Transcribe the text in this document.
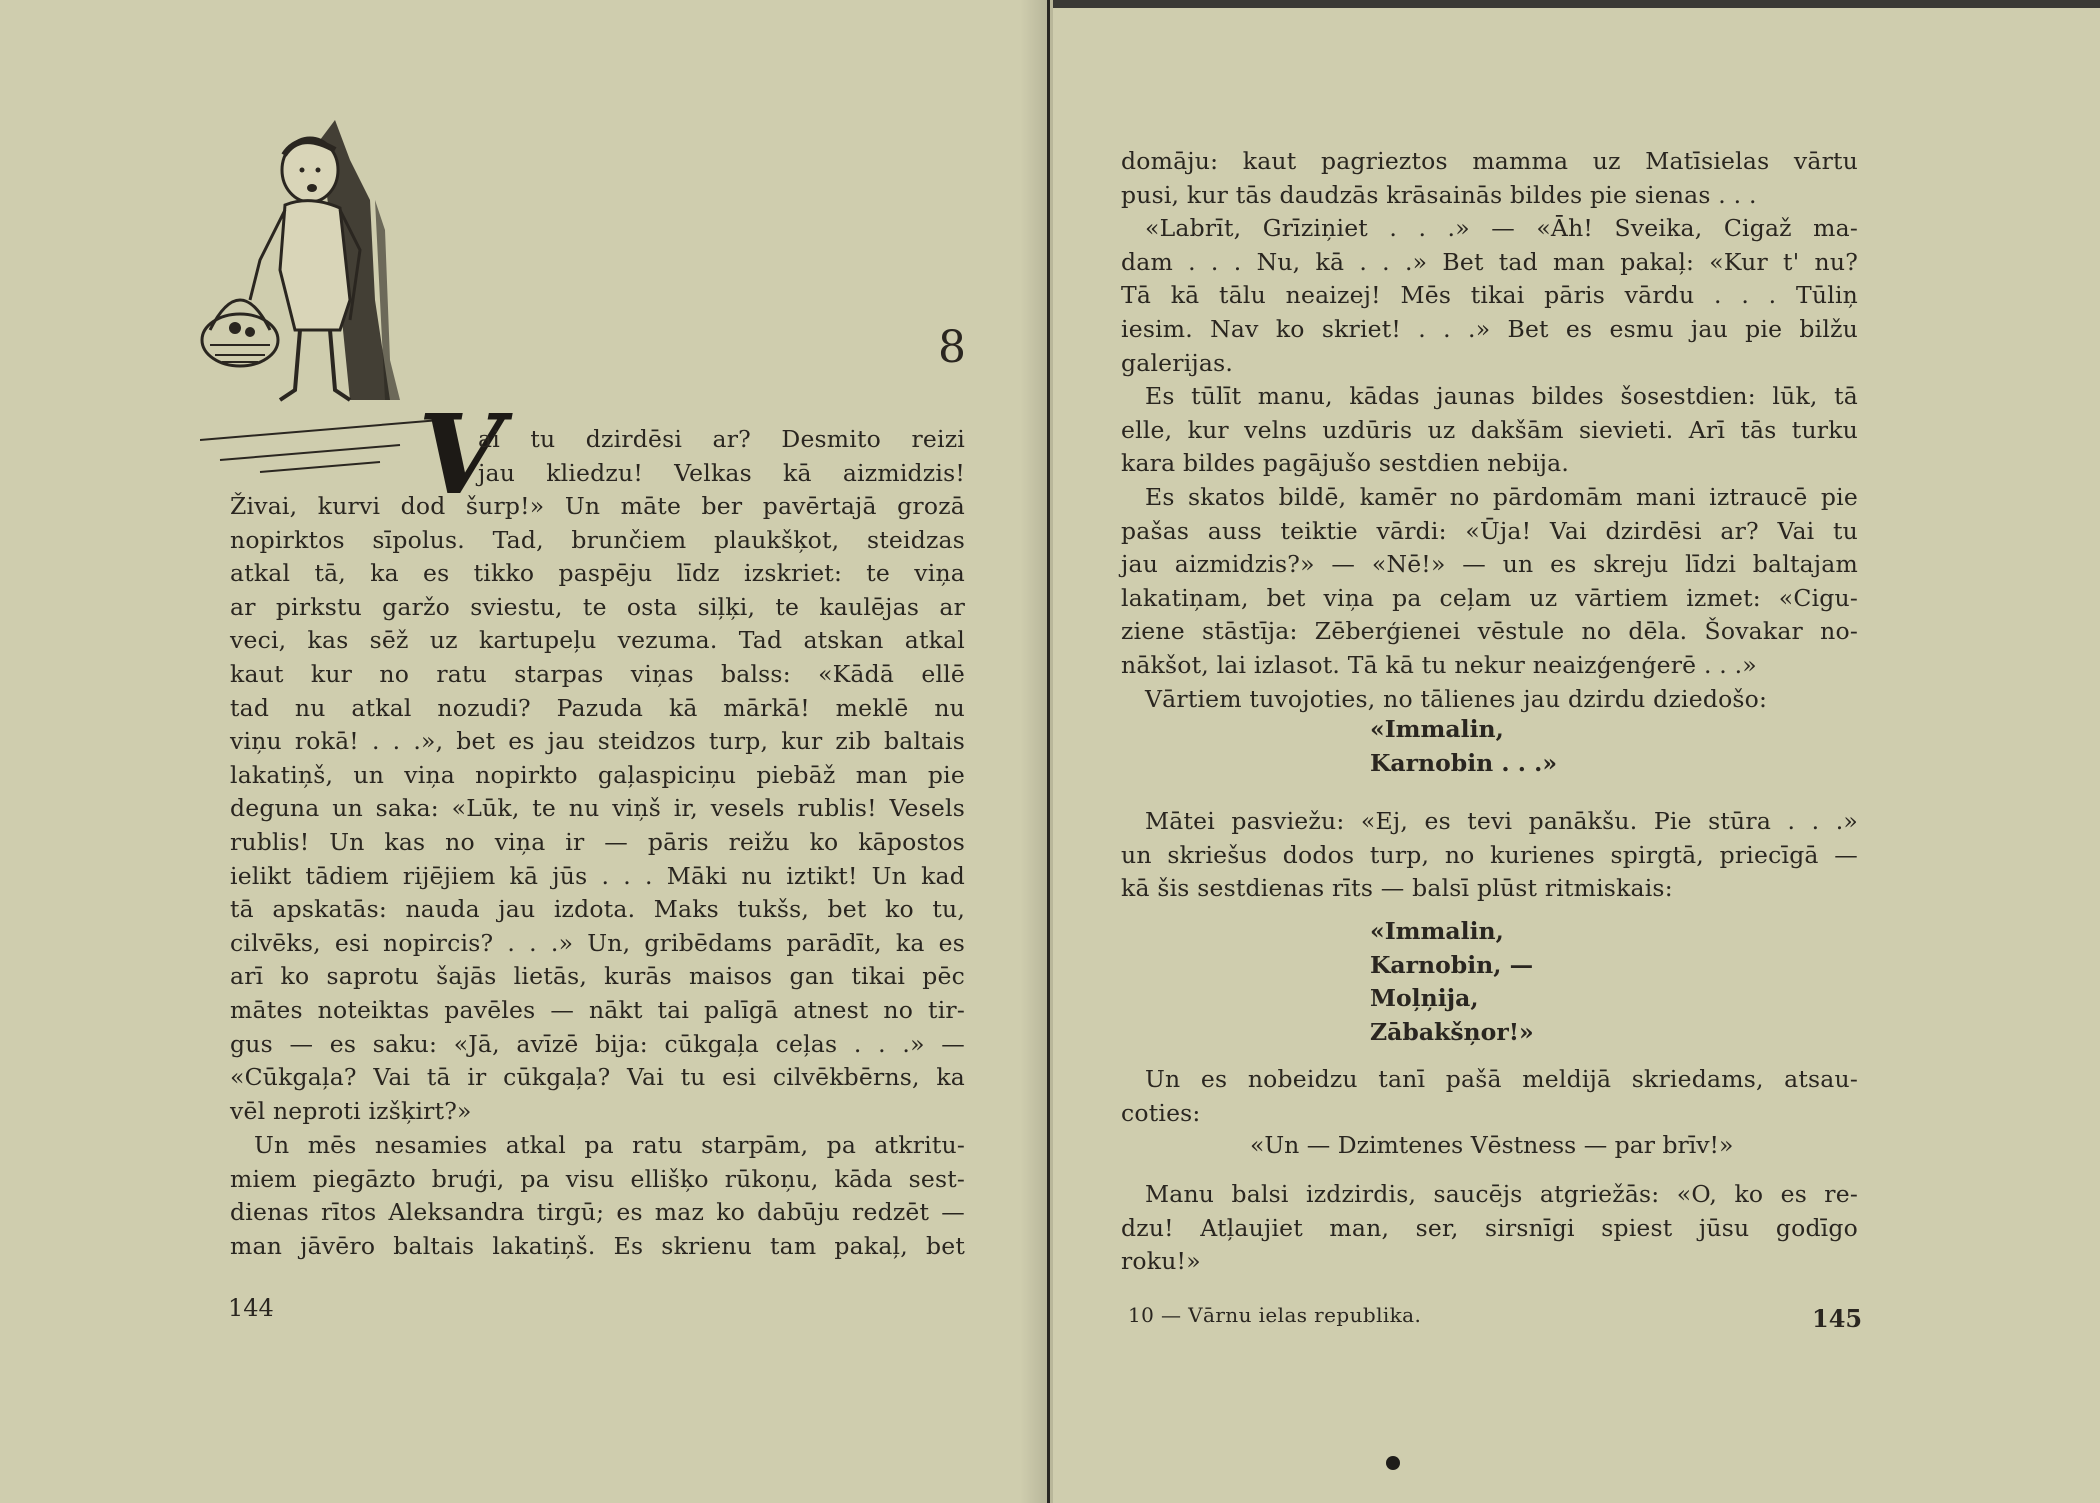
8
V
ai tu dzirdēsi ar? Desmito reizi
jau kliedzu! Velkas kā aizmidzis!
Živai, kurvi dod šurp!» Un māte ber pavērtajā grozā
nopirktos sīpolus. Tad, brunčiem plaukšķot, steidzas
atkal tā, ka es tikko paspēju līdz izskriet: te viņa
ar pirkstu garžo sviestu, te osta siļķi, te kaulējas ar
veci, kas sēž uz kartupeļu vezuma. Tad atskan atkal
kaut kur no ratu starpas viņas balss: «Kādā ellē
tad nu atkal nozudi? Pazuda kā mārkā! meklē nu
viņu rokā! . . .», bet es jau steidzos turp, kur zib baltais
lakatiņš, un viņa nopirkto gaļaspiciņu piebāž man pie
deguna un saka: «Lūk, te nu viņš ir, vesels rublis! Vesels
rublis! Un kas no viņa ir — pāris reižu ko kāpostos
ielikt tādiem rijējiem kā jūs . . . Māki nu iztikt! Un kad
tā apskatās: nauda jau izdota. Maks tukšs, bet ko tu,
cilvēks, esi nopircis? . . .» Un, gribēdams parādīt, ka es
arī ko saprotu šajās lietās, kurās maisos gan tikai pēc
mātes noteiktas pavēles — nākt tai palīgā atnest no tir-
gus — es saku: «Jā, avīzē bija: cūkgaļa ceļas . . .» —
«Cūkgaļa? Vai tā ir cūkgaļa? Vai tu esi cilvēkbērns, ka
vēl neproti izšķirt?»
Un mēs nesamies atkal pa ratu starpām, pa atkritu-
miem piegāzto bruģi, pa visu ellišķo rūkoņu, kāda sest-
dienas rītos Aleksandra tirgū; es maz ko dabūju redzēt —
man jāvēro baltais lakatiņš. Es skrienu tam pakaļ, bet
144
domāju: kaut pagrieztos mamma uz Matīsielas vārtu
pusi, kur tās daudzās krāsainās bildes pie sienas . . .
«Labrīt, Grīziņiet . . .» — «Āh! Sveika, Cigaž ma-
dam . . . Nu, kā . . .» Bet tad man pakaļ: «Kur t' nu?
Tā kā tālu neaizej! Mēs tikai pāris vārdu . . . Tūliņ
iesim. Nav ko skriet! . . .» Bet es esmu jau pie bilžu
galerijas.
Es tūlīt manu, kādas jaunas bildes šosestdien: lūk, tā
elle, kur velns uzdūris uz dakšām sievieti. Arī tās turku
kara bildes pagājušo sestdien nebija.
Es skatos bildē, kamēr no pārdomām mani iztraucē pie
pašas auss teiktie vārdi: «Ūja! Vai dzirdēsi ar? Vai tu
jau aizmidzis?» — «Nē!» — un es skreju līdzi baltajam
lakatiņam, bet viņa pa ceļam uz vārtiem izmet: «Cigu-
ziene stāstīja: Zēberģienei vēstule no dēla. Šovakar no-
nākšot, lai izlasot. Tā kā tu nekur neaizģenģerē . . .»
Vārtiem tuvojoties, no tālienes jau dzirdu dziedošo:
«Immalin,
Karnobin . . .»
Mātei pasviežu: «Ej, es tevi panākšu. Pie stūra . . .»
un skriešus dodos turp, no kurienes spirgtā, priecīgā —
kā šis sestdienas rīts — balsī plūst ritmiskais:
«Immalin,
Karnobin, —
Moļņija,
Zābakšņor!»
Un es nobeidzu tanī pašā meldijā skriedams, atsau-
coties:
«Un — Dzimtenes Vēstness — par brīv!»
Manu balsi izdzirdis, saucējs atgriežās: «O, ko es re-
dzu! Atļaujiet man, ser, sirsnīgi spiest jūsu godīgo
roku!»
10 — Vārnu ielas republika.	145
